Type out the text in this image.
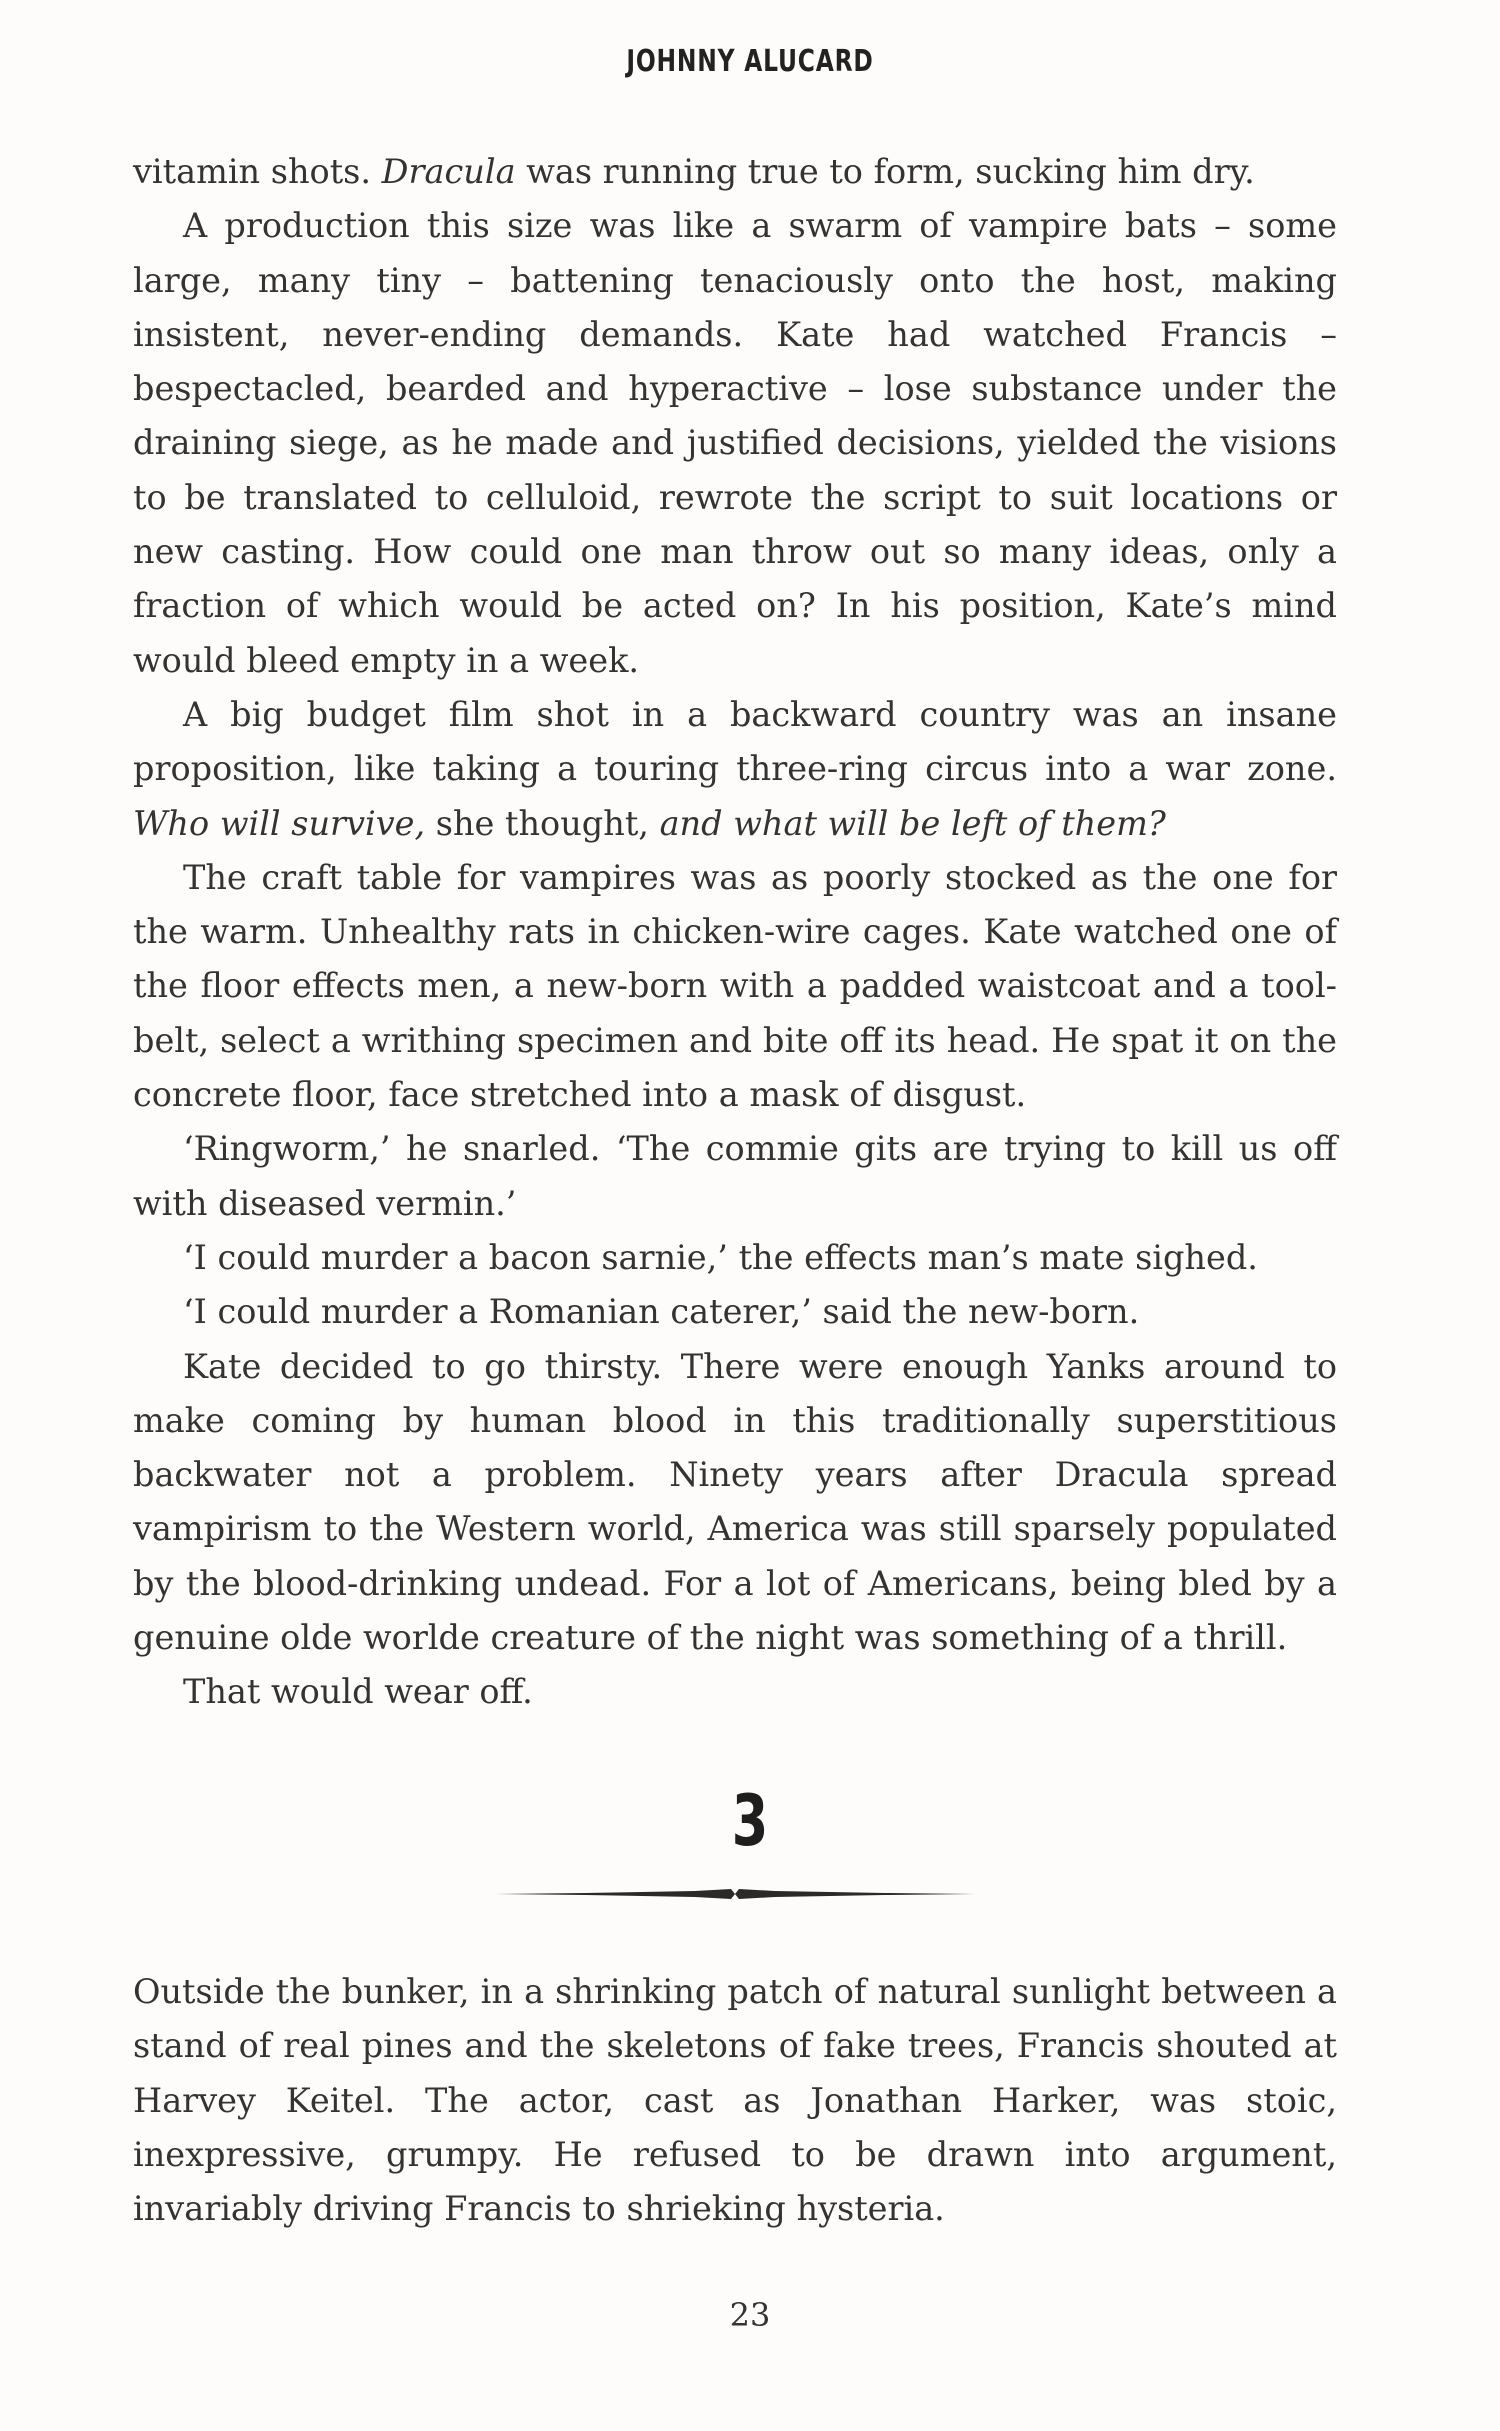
JOHNNY ALUCARD

vitamin shots. Dracula was running true to form, sucking him dry.

A production this size was like a swarm of vampire bats – some large, many tiny – battening tenaciously onto the host, making insistent, never-ending demands. Kate had watched Francis – bespectacled, bearded and hyperactive – lose substance under the draining siege, as he made and justified decisions, yielded the visions to be translated to celluloid, rewrote the script to suit locations or new casting. How could one man throw out so many ideas, only a fraction of which would be acted on? In his position, Kate’s mind would bleed empty in a week.

A big budget film shot in a backward country was an insane proposition, like taking a touring three-ring circus into a war zone. Who will survive, she thought, and what will be left of them?

The craft table for vampires was as poorly stocked as the one for the warm. Unhealthy rats in chicken-wire cages. Kate watched one of the floor effects men, a new-born with a padded waistcoat and a tool-belt, select a writhing specimen and bite off its head. He spat it on the concrete floor, face stretched into a mask of disgust.

‘Ringworm,’ he snarled. ‘The commie gits are trying to kill us off with diseased vermin.’

‘I could murder a bacon sarnie,’ the effects man’s mate sighed.

‘I could murder a Romanian caterer,’ said the new-born.

Kate decided to go thirsty. There were enough Yanks around to make coming by human blood in this traditionally superstitious backwater not a problem. Ninety years after Dracula spread vampirism to the Western world, America was still sparsely populated by the blood-drinking undead. For a lot of Americans, being bled by a genuine olde worlde creature of the night was something of a thrill.

That would wear off.

3

Outside the bunker, in a shrinking patch of natural sunlight between a stand of real pines and the skeletons of fake trees, Francis shouted at Harvey Keitel. The actor, cast as Jonathan Harker, was stoic, inexpressive, grumpy. He refused to be drawn into argument, invariably driving Francis to shrieking hysteria.

23
